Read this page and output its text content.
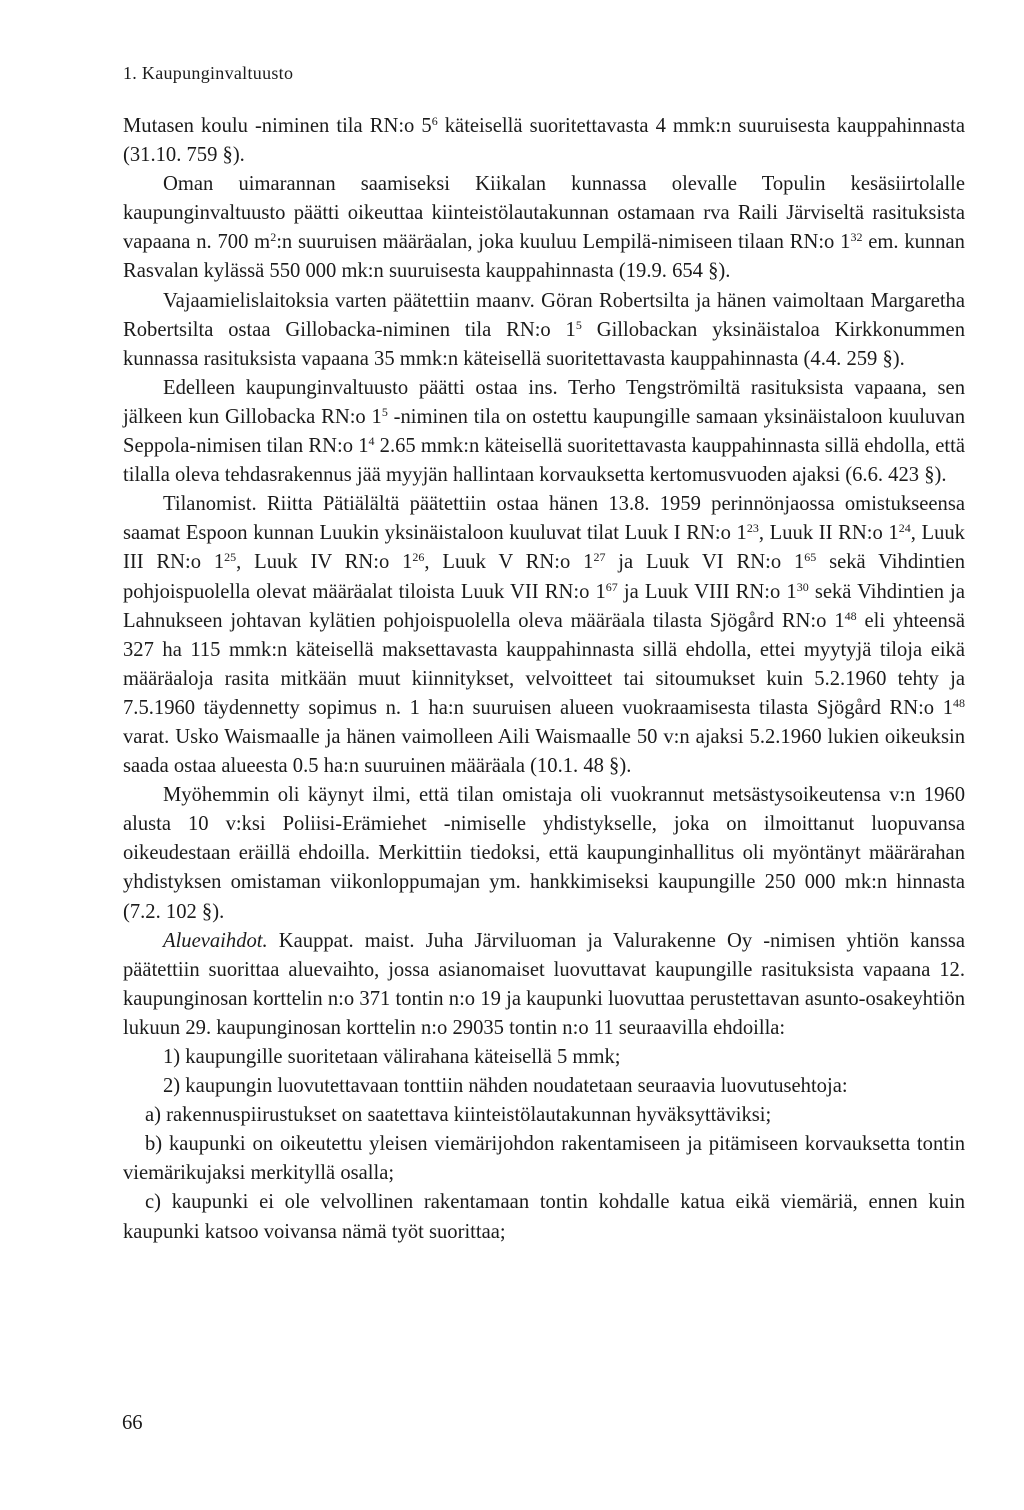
1. Kaupunginvaltuusto

Mutasen koulu -niminen tila RN:o $5^6$ käteisellä suoritettavasta 4 mmk:n suuruisesta kauppahinnasta (31.10. 759 §).

Oman uimarannan saamiseksi Kiikalan kunnassa olevalle Topulin kesäsiirtolalle kaupunginvaltuusto päätti oikeuttaa kiinteistölautakunnan ostamaan rva Raili Järviseltä rasituksista vapaana n. 700 $m^2:n$ suuruisen määräalan, joka kuuluu Lempilä-nimiseen tilaan RN:o $1^{32}$ em. kunnan Rasvalan kylässä 550 000 mk:n suuruisesta kauppahinnasta (19.9. 654 §).

Vajaamielislaitoksia varten päätettiin maanv. Göran Robertsilta ja hänen vaimoltaan Margaretha Robertsilta ostaa Gillobacka-niminen tila RN:o $1^5$ Gillobackan yksinäistaloa Kirkkonummen kunnassa rasituksista vapaana 35 mmk:n käteisellä suoritettavasta kauppahinnasta (4.4. 259 §).

Edelleen kaupunginvaltuusto päätti ostaa ins. Terho Tengströmiltä rasituksista vapaana, sen jälkeen kun Gillobacka RN:o $1^5$ -niminen tila on ostettu kaupungille samaan yksinäistaloon kuuluvan Seppola-nimisen tilan RN:o $1^4$ 2.65 mmk:n käteisellä suoritettavasta kauppahinnasta sillä ehdolla, että tilalla oleva tehdasrakennus jää myyjän hallintaan korvauksetta kertomusvuoden ajaksi (6.6. 423 §).

Tilanomist. Riitta Pätiälältä päätettiin ostaa hänen 13.8. 1959 perinnönjaossa omistukseensa saamat Espoon kunnan Luukin yksinäistaloon kuuluvat tilat Luuk I RN:o $1^{23}$, Luuk II RN:o $1^{24}$, Luuk III RN:o $1^{25}$, Luuk IV RN:o $1^{26}$, Luuk V RN:o $1^{27}$ ja Luuk VI RN:o $1^{65}$ sekä Vihdintien pohjoispuolella olevat määräalat tiloista Luuk VII RN:o $1^{67}$ ja Luuk VIII RN:o $1^{30}$ sekä Vihdintien ja Lahnukseen johtavan kylätien pohjoispuolella oleva määräala tilasta Sjögård RN:o $1^{48}$ eli yhteensä 327 ha 115 mmk:n käteisellä maksettavasta kauppahinnasta sillä ehdolla, ettei myytyjä tiloja eikä määräaloja rasita mitkään muut kiinnitykset, velvoitteet tai sitoumukset kuin 5.2.1960 tehty ja 7.5.1960 täydennetty sopimus n. 1 ha:n suuruisen alueen vuokraamisesta tilasta Sjögård RN:o $1^{48}$ varat. Usko Waismaalle ja hänen vaimolleen Aili Waismaalle 50 v:n ajaksi 5.2.1960 lukien oikeuksin saada ostaa alueesta 0.5 ha:n suuruinen määräala (10.1. 48 §).

Myöhemmin oli käynyt ilmi, että tilan omistaja oli vuokrannut metsästysoikeutensa v:n 1960 alusta 10 v:ksi Poliisi-Erämiehet -nimiselle yhdistykselle, joka on ilmoittanut luopuvansa oikeudestaan eräillä ehdoilla. Merkittiin tiedoksi, että kaupunginhallitus oli myöntänyt määrärahan yhdistyksen omistaman viikonloppumajan ym. hankkimiseksi kaupungille 250 000 mk:n hinnasta (7.2. 102 §).

Aluevaihdot. Kauppat. maist. Juha Järviluoman ja Valurakenne Oy -nimisen yhtiön kanssa päätettiin suorittaa aluevaihto, jossa asianomaiset luovuttavat kaupungille rasituksista vapaana 12. kaupunginosan korttelin n:o 371 tontin n:o 19 ja kaupunki luovuttaa perustettavan asunto-osakeyhtiön lukuun 29. kaupunginosan korttelin n:o 29035 tontin n:o 11 seuraavilla ehdoilla:

1) kaupungille suoritetaan välirahana käteisellä 5 mmk;

2) kaupungin luovutettavaan tonttiin nähden noudatetaan seuraavia luovutusehtoja:

a) rakennuspiirustukset on saatettava kiinteistölautakunnan hyväksyttäviksi;

b) kaupunki on oikeutettu yleisen viemärijohdon rakentamiseen ja pitämiseen korvauksetta tontin viemärikujaksi merkityllä osalla;

c) kaupunki ei ole velvollinen rakentamaan tontin kohdalle katua eikä viemäriä, ennen kuin kaupunki katsoo voivansa nämä työt suorittaa;

66
